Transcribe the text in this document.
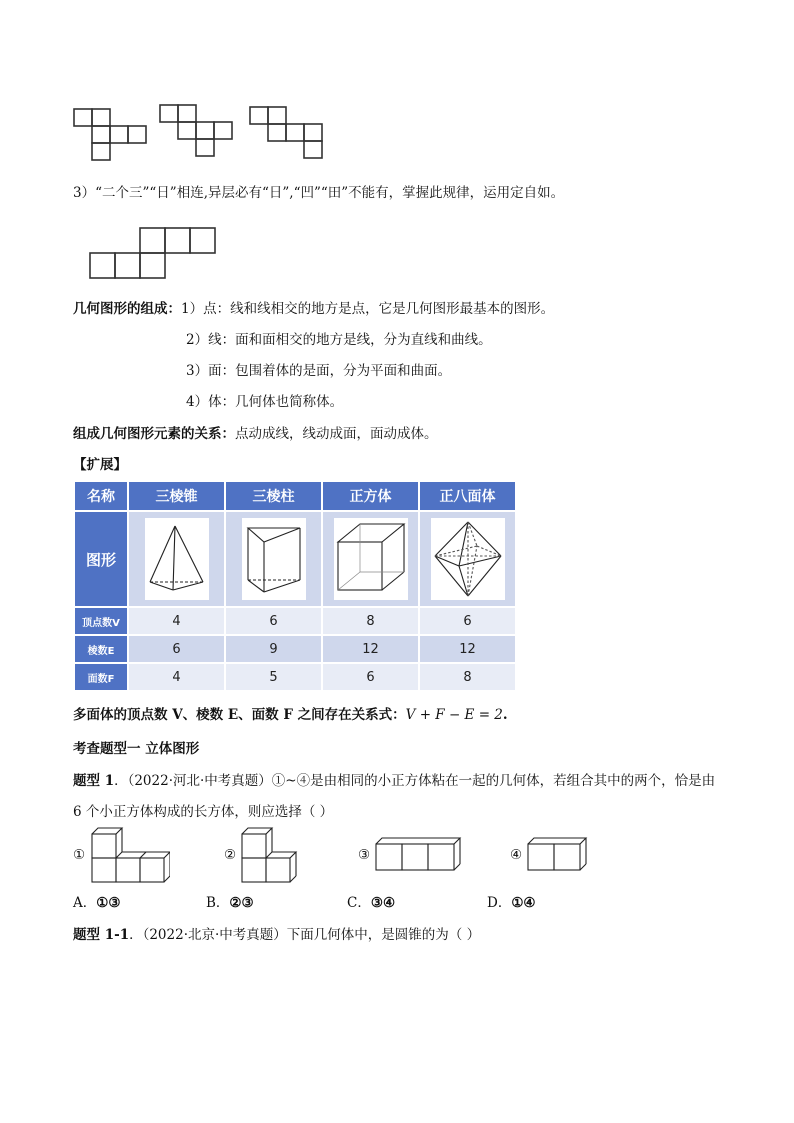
3）“二个三”“日”相连,异层必有“日”,“凹”“田”不能有，掌握此规律，运用定自如。
几何图形的组成：1）点：线和线相交的地方是点，它是几何图形最基本的图形。
2）线：面和面相交的地方是线，分为直线和曲线。
3）面：包围着体的是面，分为平面和曲面。
4）体：几何体也简称体。
组成几何图形元素的关系：点动成线，线动成面，面动成体。
【扩展】
名称	三棱锥	三棱柱	正方体	正八面体
图形	

顶点数V	4	6	8	6
棱数E	6	9	12	12
面数F	4	5	6	8
多面体的顶点数 V、棱数 E、面数 F 之间存在关系式：V + F − E = 2.
考查题型一 立体图形
题型 1．（2022·河北·中考真题）①~④是由相同的小正方体粘在一起的几何体，若组合其中的两个，恰是由
6 个小正方体构成的长方体，则应选择（ ）
①	②	③	④
A．①③	B．②③	C．③④	D．①④
题型 1-1．（2022·北京·中考真题）下面几何体中，是圆锥的为（ ）
